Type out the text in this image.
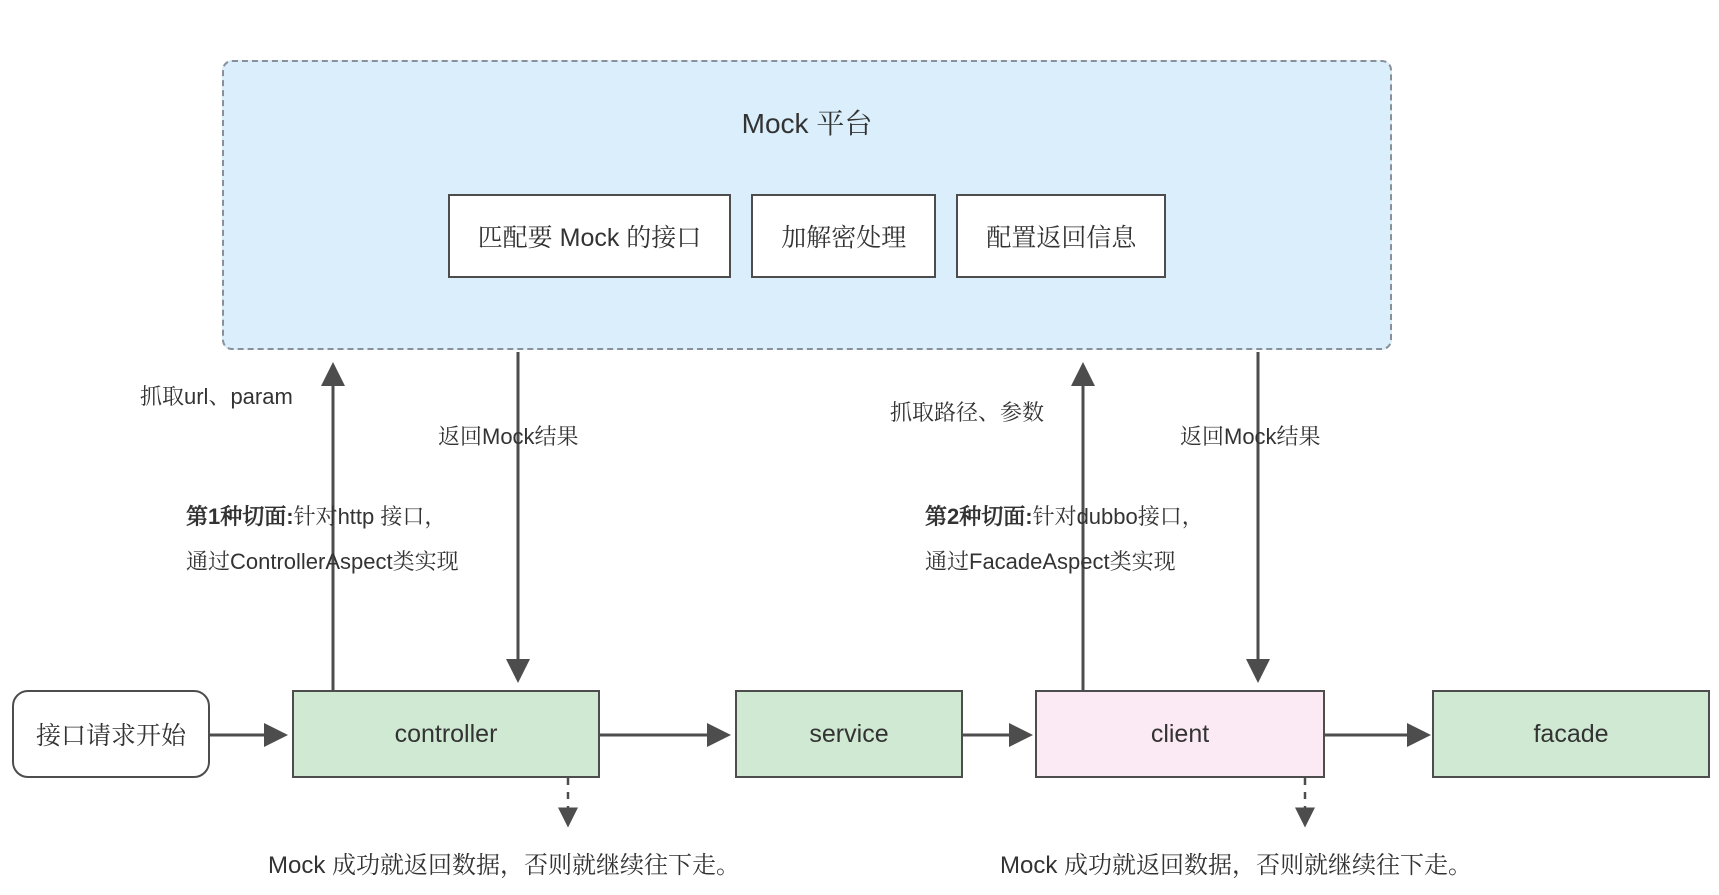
Mock 平台
匹配要 Mock 的接口	加解密处理	配置返回信息
抓取url、param
返回Mock结果
抓取路径、参数
返回Mock结果
第1种切面:针对http 接口，
通过ControllerAspect类实现
第2种切面:针对dubbo接口，
通过FacadeAspect类实现
接口请求开始	controller	service	client	facade
Mock 成功就返回数据，否则就继续往下走。	Mock 成功就返回数据，否则就继续往下走。
